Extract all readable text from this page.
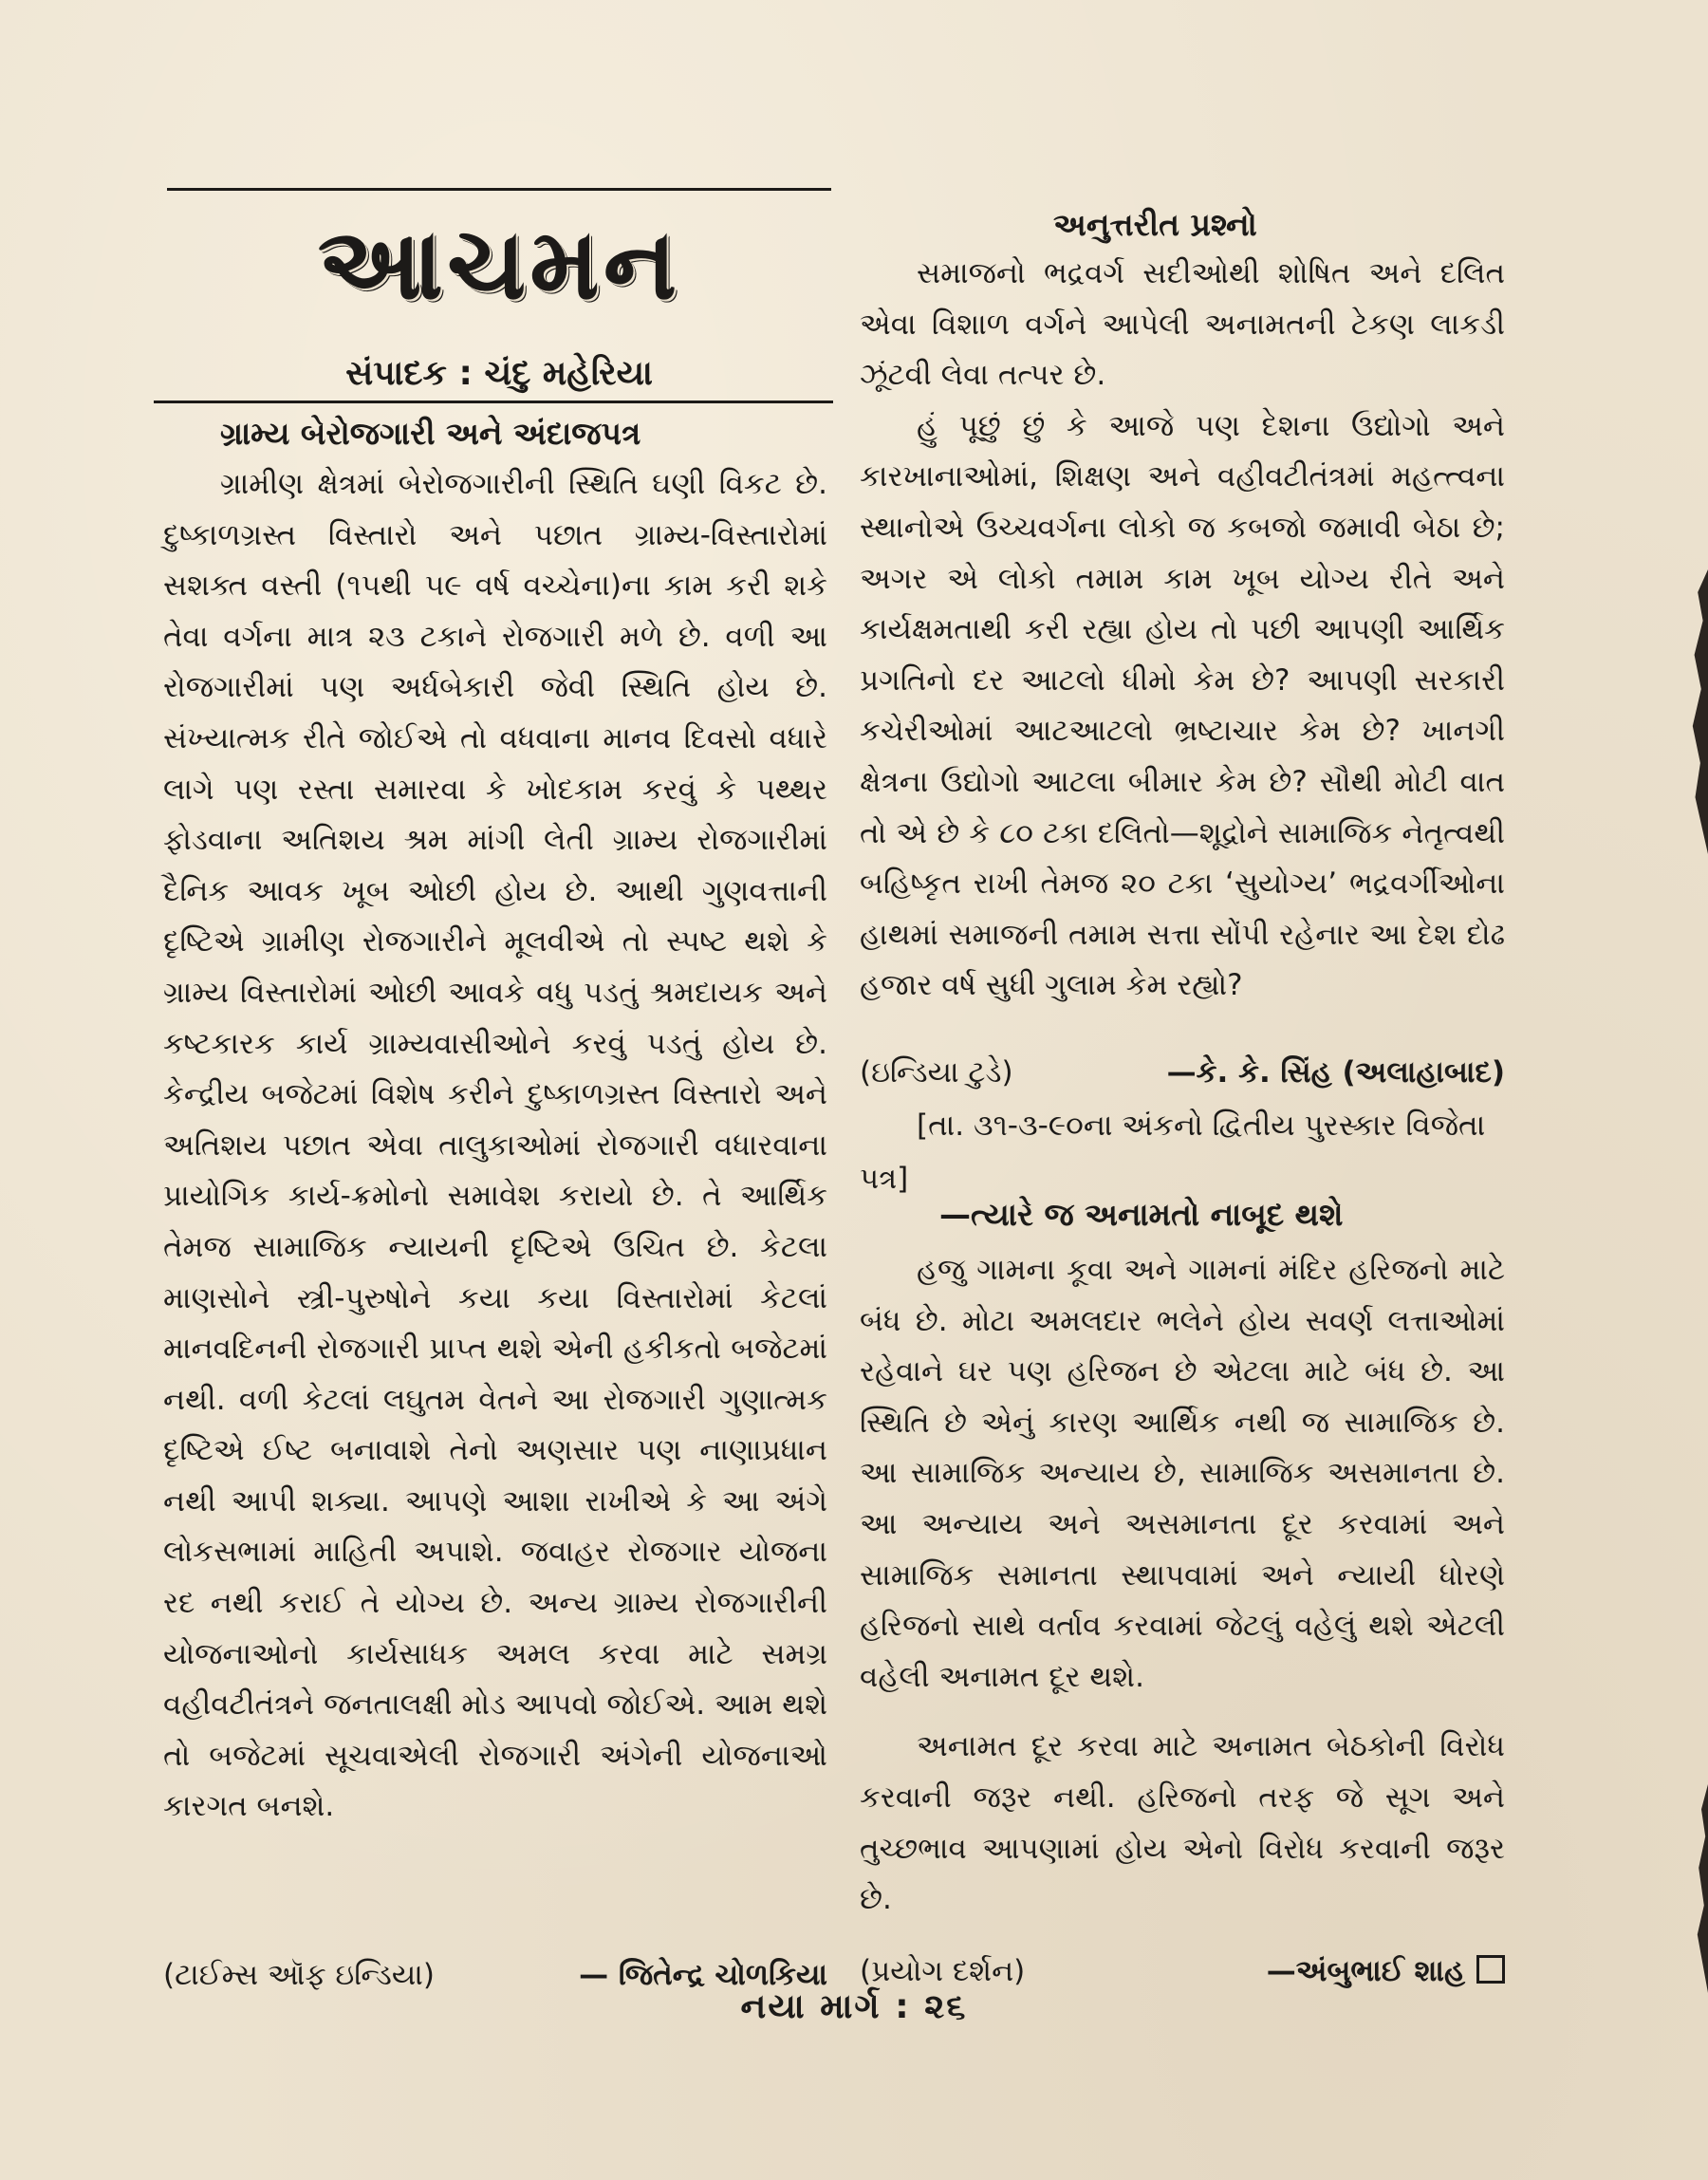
આચમન
સંપાદક : ચંદુ મહેરિયા
ગ્રામ્ય બેરોજગારી અને અંદાજપત્ર

ગ્રામીણ ક્ષેત્રમાં બેરોજગારીની સ્થિતિ ઘણી વિકટ છે. દુષ્કાળગ્રસ્ત વિસ્તારો અને પછાત ગ્રામ્ય-વિસ્તારોમાં સશક્ત વસ્તી (૧૫થી ૫૯ વર્ષ વચ્ચેના)ના કામ કરી શકે તેવા વર્ગના માત્ર ૨૩ ટકાને રોજગારી મળે છે. વળી આ રોજગારીમાં પણ અર્ધબેકારી જેવી સ્થિતિ હોય છે. સંખ્યાત્મક રીતે જોઈએ તો વધવાના માનવ દિવસો વધારે લાગે પણ રસ્તા સમારવા કે ખોદકામ કરવું કે પથ્થર ફોડવાના અતિશય શ્રમ માંગી લેતી ગ્રામ્ય રોજગારીમાં દૈનિક આવક ખૂબ ઓછી હોય છે. આથી ગુણવત્તાની દૃષ્ટિએ ગ્રામીણ રોજગારીને મૂલવીએ તો સ્પષ્ટ થશે કે ગ્રામ્ય વિસ્તારોમાં ઓછી આવકે વધુ પડતું શ્રમદાયક અને કષ્ટકારક કાર્ય ગ્રામ્યવાસીઓને કરવું પડતું હોય છે. કેન્દ્રીય બજેટમાં વિશેષ કરીને દુષ્કાળગ્રસ્ત વિસ્તારો અને અતિશય પછાત એવા તાલુકાઓમાં રોજગારી વધારવાના પ્રાયોગિક કાર્ય-ક્રમોનો સમાવેશ કરાયો છે. તે આર્થિક તેમજ સામાજિક ન્યાયની દૃષ્ટિએ ઉચિત છે. કેટલા માણસોને સ્ત્રી-પુરુષોને કયા કયા વિસ્તારોમાં કેટલાં માનવદિનની રોજગારી પ્રાપ્ત થશે એની હકીકતો બજેટમાં નથી. વળી કેટલાં લઘુતમ વેતને આ રોજગારી ગુણાત્મક દૃષ્ટિએ ઈષ્ટ બનાવાશે તેનો અણસાર પણ નાણાપ્રધાન નથી આપી શક્યા. આપણે આશા રાખીએ કે આ અંગે લોકસભામાં માહિતી અપાશે. જવાહર રોજગાર યોજના રદ નથી કરાઈ તે યોગ્ય છે. અન્ય ગ્રામ્ય રોજગારીની યોજનાઓનો કાર્યસાધક અમલ કરવા માટે સમગ્ર વહીવટીતંત્રને જનતાલક્ષી મોડ આપવો જોઈએ. આમ થશે તો બજેટમાં સૂચવાએલી રોજગારી અંગેની યોજનાઓ કારગત બનશે.

(ટાઈમ્સ ઑફ ઇન્ડિયા)	— જિતેન્દ્ર ચોળકિયા
અનુત્તરીત પ્રશ્નો

સમાજનો ભદ્રવર્ગ સદીઓથી શોષિત અને દલિત એવા વિશાળ વર્ગને આપેલી અનામતની ટેકણ લાકડી ઝૂંટવી લેવા તત્પર છે.

હું પૂછું છું કે આજે પણ દેશના ઉદ્યોગો અને કારખાનાઓમાં, શિક્ષણ અને વહીવટીતંત્રમાં મહત્ત્વના સ્થાનોએ ઉચ્ચવર્ગના લોકો જ કબજો જમાવી બેઠા છે; અગર એ લોકો તમામ કામ ખૂબ યોગ્ય રીતે અને કાર્યક્ષમતાથી કરી રહ્યા હોય તો પછી આપણી આર્થિક પ્રગતિનો દર આટલો ધીમો કેમ છે? આપણી સરકારી કચેરીઓમાં આટઆટલો ભ્રષ્ટાચાર કેમ છે? ખાનગી ક્ષેત્રના ઉદ્યોગો આટલા બીમાર કેમ છે? સૌથી મોટી વાત તો એ છે કે ૮૦ ટકા દલિતો—શૂદ્રોને સામાજિક નેતૃત્વથી બહિષ્કૃત રાખી તેમજ ૨૦ ટકા ‘સુયોગ્ય’ ભદ્રવર્ગીઓના હાથમાં સમાજની તમામ સત્તા સોંપી રહેનાર આ દેશ દોઢ હજાર વર્ષ સુધી ગુલામ કેમ રહ્યો?

(ઇન્ડિયા ટુડે)	—કે. કે. સિંહ (અલાહાબાદ)

[તા. ૩૧-૩-૯૦ના અંકનો દ્વિતીય પુરસ્કાર વિજેતા પત્ર]

—ત્યારે જ અનામતો નાબૂદ થશે

હજુ ગામના કૂવા અને ગામનાં મંદિર હરિજનો માટે બંધ છે. મોટા અમલદાર ભલેને હોય સવર્ણ લત્તાઓમાં રહેવાને ઘર પણ હરિજન છે એટલા માટે બંધ છે. આ સ્થિતિ છે એનું કારણ આર્થિક નથી જ સામાજિક છે. આ સામાજિક અન્યાય છે, સામાજિક અસમાનતા છે. આ અન્યાય અને અસમાનતા દૂર કરવામાં અને સામાજિક સમાનતા સ્થાપવામાં અને ન્યાયી ધોરણે હરિજનો સાથે વર્તાવ કરવામાં જેટલું વહેલું થશે એટલી વહેલી અનામત દૂર થશે.

અનામત દૂર કરવા માટે અનામત બેઠકોની વિરોધ કરવાની જરૂર નથી. હરિજનો તરફ જે સૂગ અને તુચ્છભાવ આપણામાં હોય એનો વિરોધ કરવાની જરૂર છે.

(પ્રયોગ દર્શન)	—અંબુભાઈ શાહ
નયા માર્ગ : ૨૬
